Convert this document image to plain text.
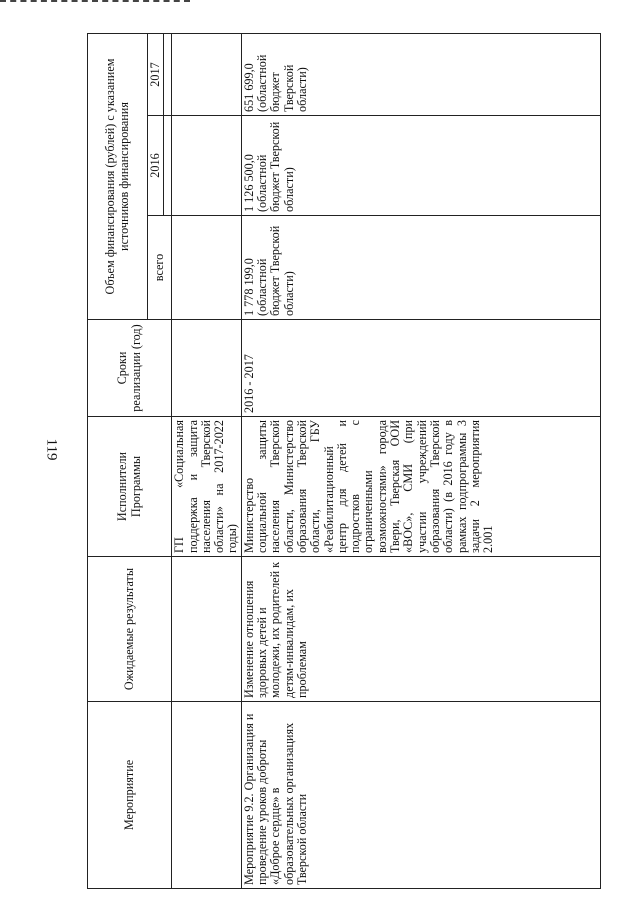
119
Мероприятие	Ожидаемые результаты	Исполнители Программы	Сроки реализации (год)	Объем финансирования (рублей) с указанием источников финансирования		
				всего	2016	2017

		ГП «Социальная поддержка и защита населения Тверской области» на 2017-2022 годы)				
Мероприятие 9.2. Организация и проведение уроков доброты «Доброе сердце» в образовательных организациях Тверской области	Изменение отношения здоровых детей и молодежи, их родителей к детям-инвалидам, их проблемам	Министерство социальной защиты населения Тверской области, Министерство образования Тверской области, ГБУ «Реабилитационный центр для детей и подростков с ограниченными возможностями» города Твери, Тверская ООИ «ВОС», СМИ (при участии учреждений образования Тверской области) (в 2016 году в рамках подпрограммы 3 задачи 2 мероприятия 2.001	2016 - 2017	1 778 199,0 (областной бюджет Тверской области)	1 126 500,0 (областной бюджет Тверской области)	651 699,0 (областной бюджет Тверской области)
